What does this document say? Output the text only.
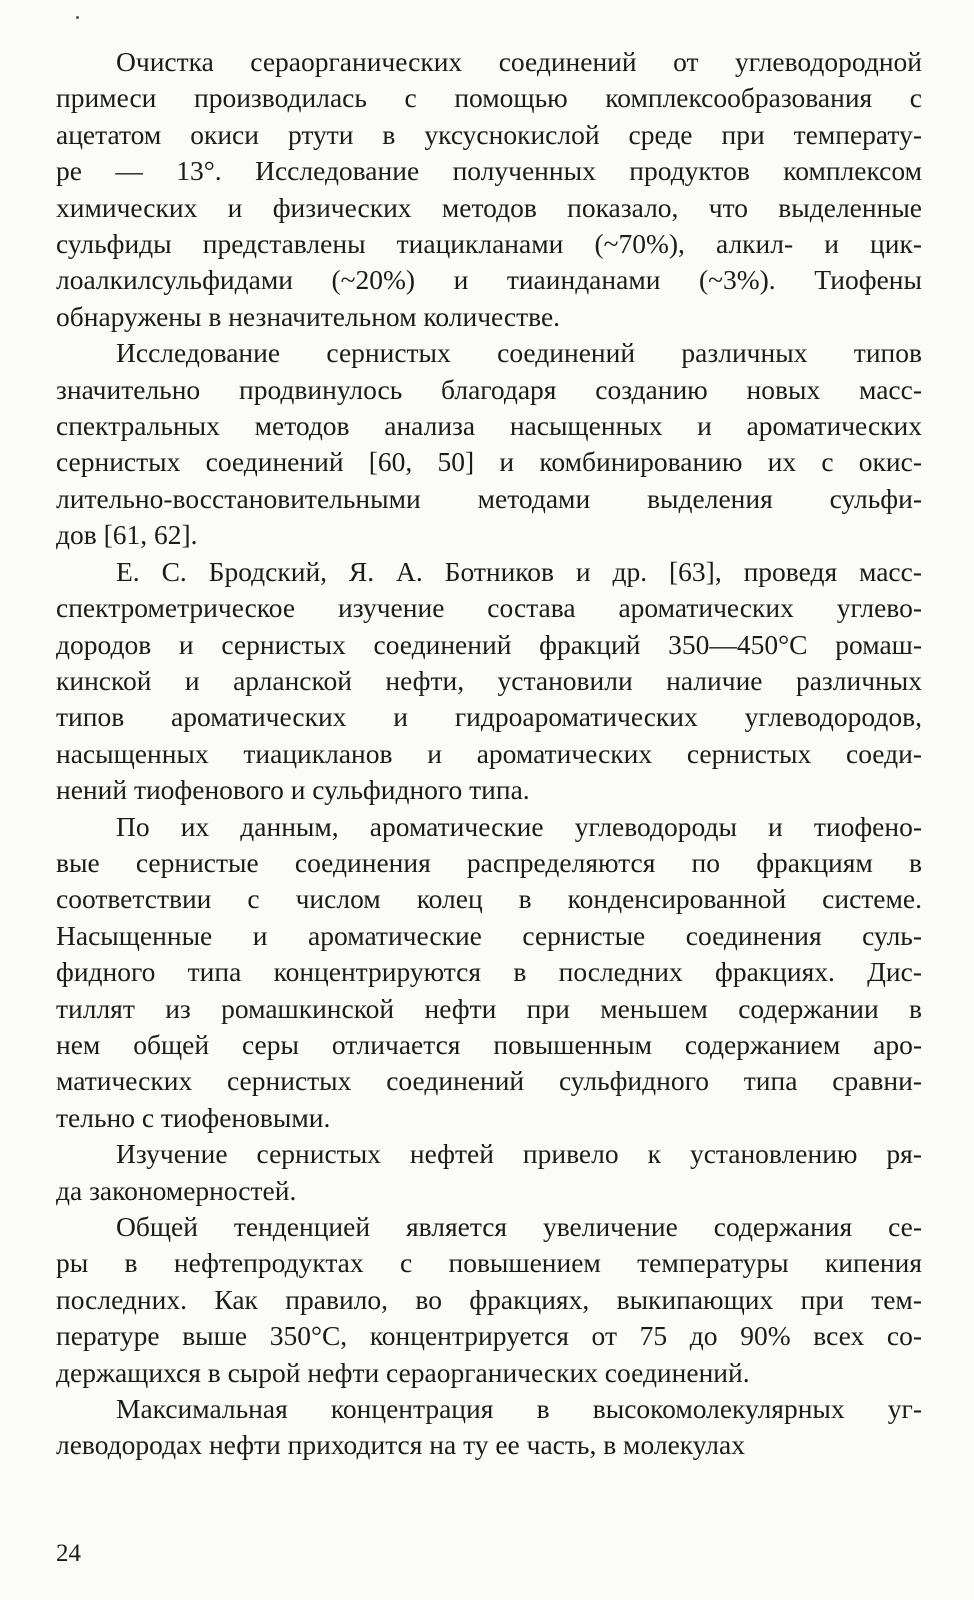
Очистка сераорганических соединений от углеводородной
примеси производилась с помощью комплексообразования с
ацетатом окиси ртути в уксуснокислой среде при температу-
ре — 13°. Исследование полученных продуктов комплексом
химических и физических методов показало, что выделенные
сульфиды представлены тиацикланами (~70%), алкил- и цик-
лоалкилсульфидами (~20%) и тиаинданами (~3%). Тиофены
обнаружены в незначительном количестве.
Исследование сернистых соединений различных типов
значительно продвинулось благодаря созданию новых масс-
спектральных методов анализа насыщенных и ароматических
сернистых соединений [60, 50] и комбинированию их с окис-
лительно-восстановительными методами выделения сульфи-
дов [61, 62].
Е. С. Бродский, Я. А. Ботников и др. [63], проведя масс-
спектрометрическое изучение состава ароматических углево-
дородов и сернистых соединений фракций 350—450°С ромаш-
кинской и арланской нефти, установили наличие различных
типов ароматических и гидроароматических углеводородов,
насыщенных тиацикланов и ароматических сернистых соеди-
нений тиофенового и сульфидного типа.
По их данным, ароматические углеводороды и тиофено-
вые сернистые соединения распределяются по фракциям в
соответствии с числом колец в конденсированной системе.
Насыщенные и ароматические сернистые соединения суль-
фидного типа концентрируются в последних фракциях. Дис-
тиллят из ромашкинской нефти при меньшем содержании в
нем общей серы отличается повышенным содержанием аро-
матических сернистых соединений сульфидного типа сравни-
тельно с тиофеновыми.
Изучение сернистых нефтей привело к установлению ря-
да закономерностей.
Общей тенденцией является увеличение содержания се-
ры в нефтепродуктах с повышением температуры кипения
последних. Как правило, во фракциях, выкипающих при тем-
пературе выше 350°С, концентрируется от 75 до 90% всех со-
держащихся в сырой нефти сераорганических соединений.
Максимальная концентрация в высокомолекулярных уг-
леводородах нефти приходится на ту ее часть, в молекулах
24
